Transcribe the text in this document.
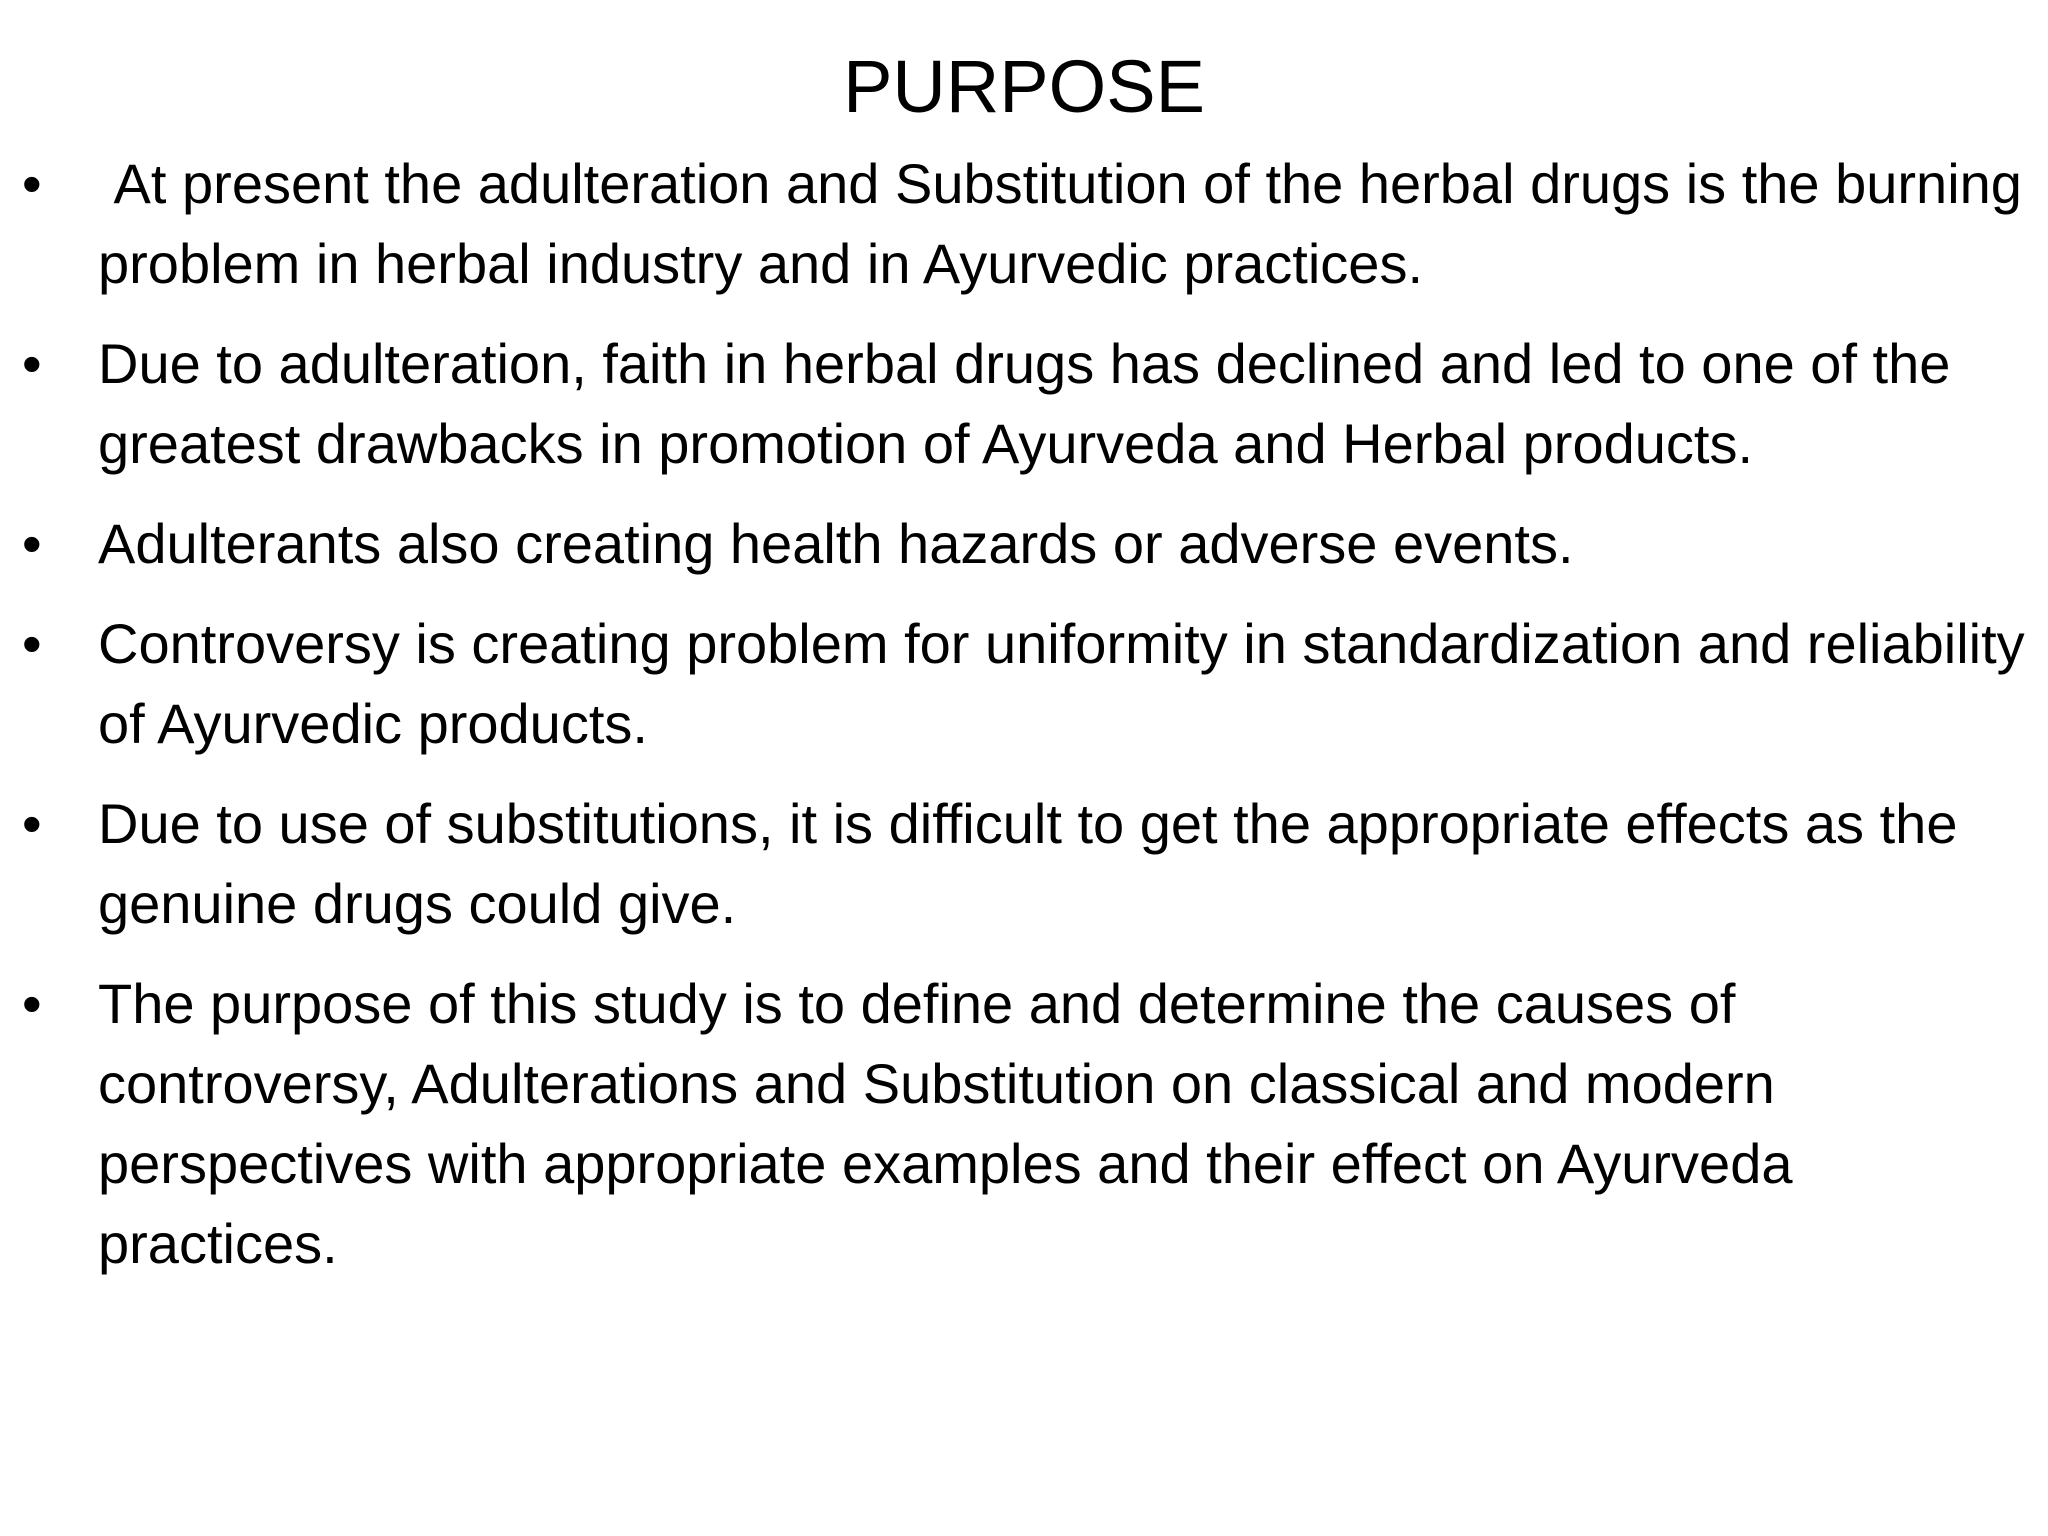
PURPOSE
•	At present the adulteration and Substitution of the herbal drugs is the burning problem in herbal industry and in Ayurvedic practices.
•	Due to adulteration, faith in herbal drugs has declined and led to one of the greatest drawbacks in promotion of Ayurveda and Herbal products.
•	Adulterants also creating health hazards or adverse events.
•	Controversy is creating problem for uniformity in standardization and reliability of Ayurvedic products.
•	Due to use of substitutions, it is difficult to get the appropriate effects as the genuine drugs could give.
•	The purpose of this study is to define and determine the causes of controversy, Adulterations and Substitution on classical and modern perspectives with appropriate examples and their effect on Ayurveda practices.
